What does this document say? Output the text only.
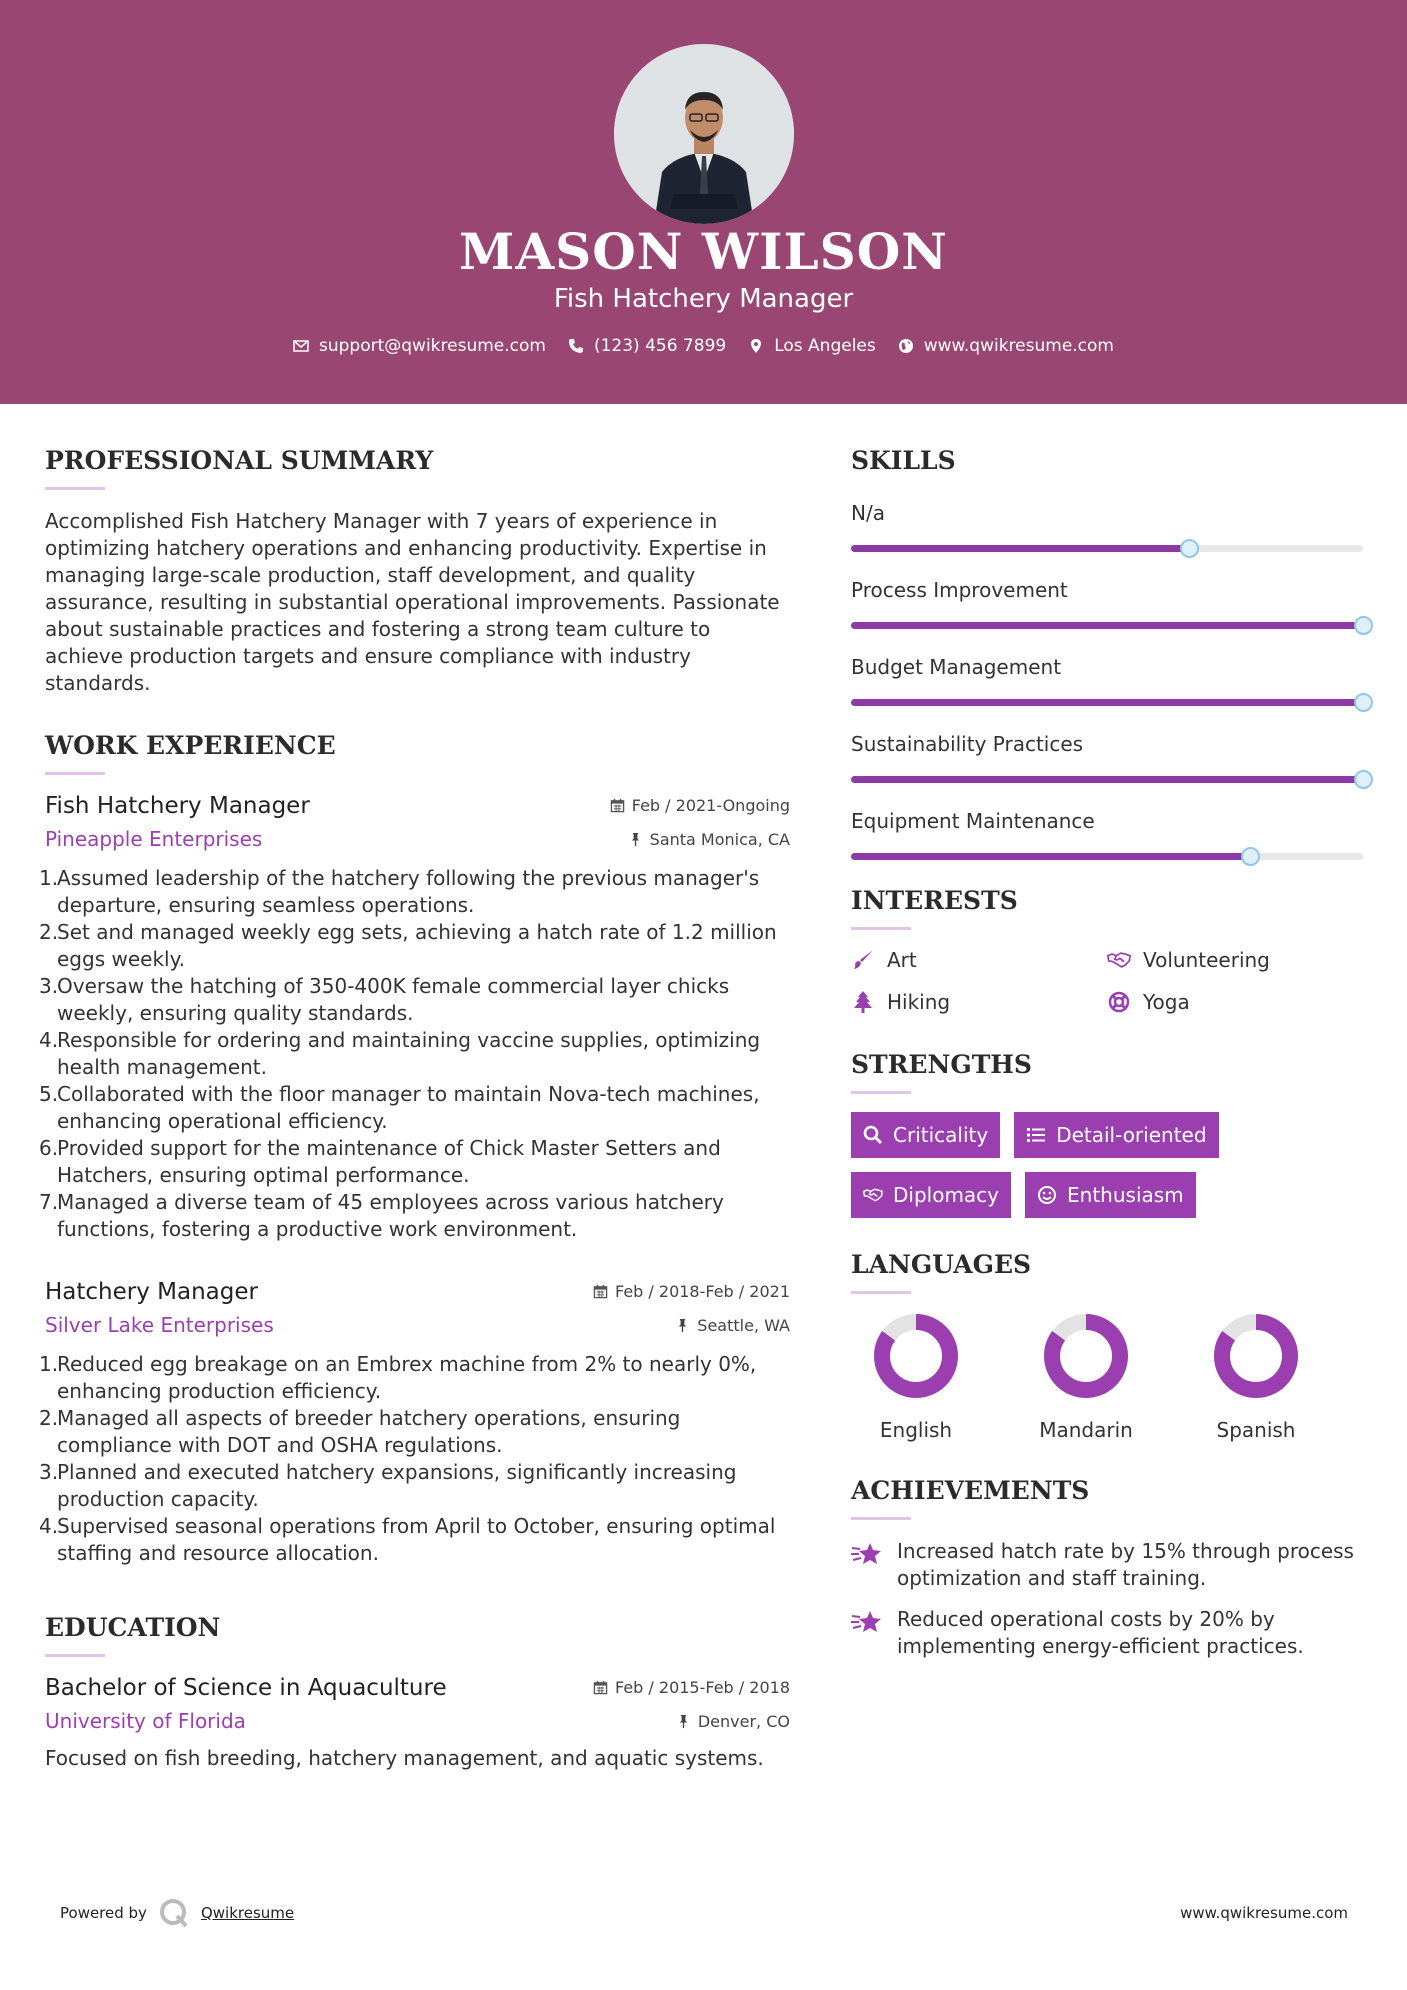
MASON WILSON
Fish Hatchery Manager
support@qwikresume.com	(123) 456 7899	Los Angeles	www.qwikresume.com
PROFESSIONAL SUMMARY
Accomplished Fish Hatchery Manager with 7 years of experience in optimizing hatchery operations and enhancing productivity. Expertise in managing large-scale production, staff development, and quality assurance, resulting in substantial operational improvements. Passionate about sustainable practices and fostering a strong team culture to achieve production targets and ensure compliance with industry standards.
WORK EXPERIENCE
Fish Hatchery Manager	Feb / 2021-Ongoing
Pineapple Enterprises	Santa Monica, CA
1.
Assumed leadership of the hatchery following the previous manager's departure, ensuring seamless operations.
2.
Set and managed weekly egg sets, achieving a hatch rate of 1.2 million eggs weekly.
3.
Oversaw the hatching of 350-400K female commercial layer chicks weekly, ensuring quality standards.
4.
Responsible for ordering and maintaining vaccine supplies, optimizing health management.
5.
Collaborated with the floor manager to maintain Nova-tech machines, enhancing operational efficiency.
6.
Provided support for the maintenance of Chick Master Setters and Hatchers, ensuring optimal performance.
7.
Managed a diverse team of 45 employees across various hatchery functions, fostering a productive work environment.
Hatchery Manager	Feb / 2018-Feb / 2021
Silver Lake Enterprises	Seattle, WA
1.
Reduced egg breakage on an Embrex machine from 2% to nearly 0%, enhancing production efficiency.
2.
Managed all aspects of breeder hatchery operations, ensuring compliance with DOT and OSHA regulations.
3.
Planned and executed hatchery expansions, significantly increasing production capacity.
4.
Supervised seasonal operations from April to October, ensuring optimal staffing and resource allocation.
EDUCATION
Bachelor of Science in Aquaculture	Feb / 2015-Feb / 2018
University of Florida	Denver, CO
Focused on fish breeding, hatchery management, and aquatic systems.
SKILLS
N/a
Process Improvement
Budget Management
Sustainability Practices
Equipment Maintenance
INTERESTS
Art	Volunteering
Hiking	Yoga
STRENGTHS
Criticality	Detail-oriented
Diplomacy	Enthusiasm
LANGUAGES
English	Mandarin	Spanish
ACHIEVEMENTS
Increased hatch rate by 15% through process optimization and staff training.
Reduced operational costs by 20% by implementing energy-efficient practices.
Powered by	Qwikresume	www.qwikresume.com
